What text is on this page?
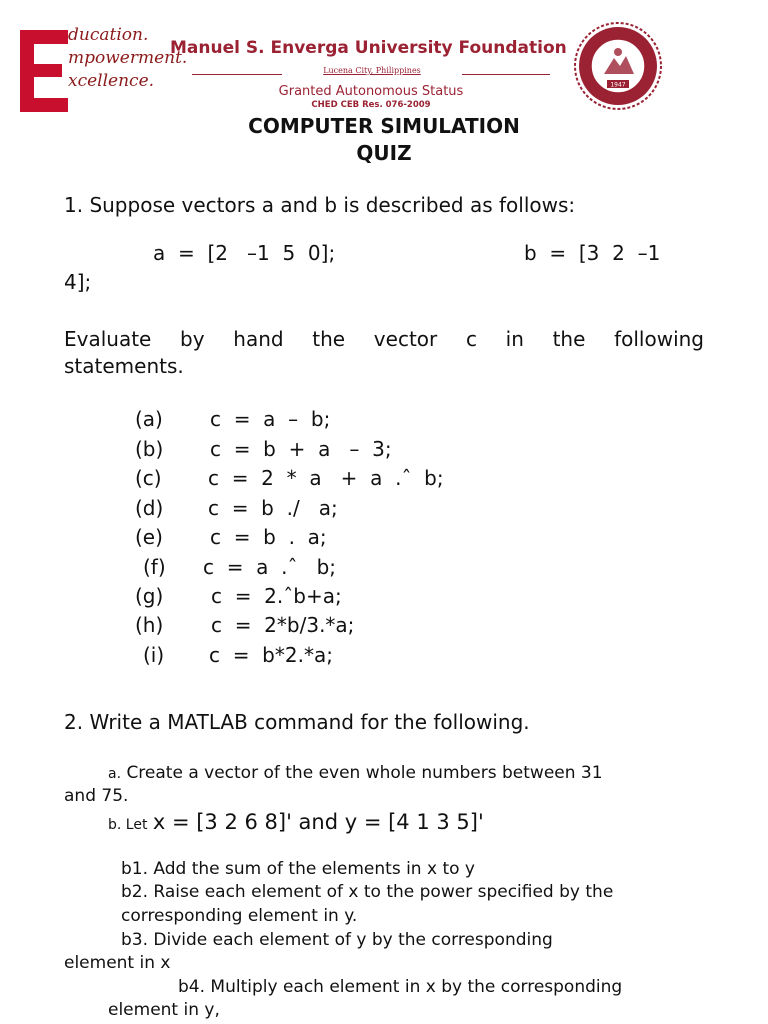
ducation.
mpowerment.
xcellence.
Manuel S. Enverga University Foundation
Lucena City, Philippines
Granted Autonomous Status
CHED CEB Res. 076-2009
1947
COMPUTER SIMULATION
QUIZ
1. Suppose vectors a and b is described as follows:
a  =  [2   –1  5  0];	b  =  [3  2  –1
4];
Evaluate by hand the vector c in the following
statements.
(a) c  =  a  –  b;
(b) c  =  b  +  a   –  3;
(c) c  =  2  *  a   +  a  .ˆ  b;
(d) c  =  b  ./   a;
(e) c  =  b  .  a;
(f) c  =  a  .ˆ   b;
(g) c  =  2.ˆb+a;
(h) c  =  2*b/3.*a;
(i) c  =  b*2.*a;
2. Write a MATLAB command for the following.
a. Create a vector of the even whole numbers between 31
and 75.
b. Let x = [3 2 6 8]' and y = [4 1 3 5]'
b1. Add the sum of the elements in x to y
b2. Raise each element of x to the power specified by the
corresponding element in y.
b3. Divide each element of y by the corresponding
element in x
b4. Multiply each element in x by the corresponding
element in y,
